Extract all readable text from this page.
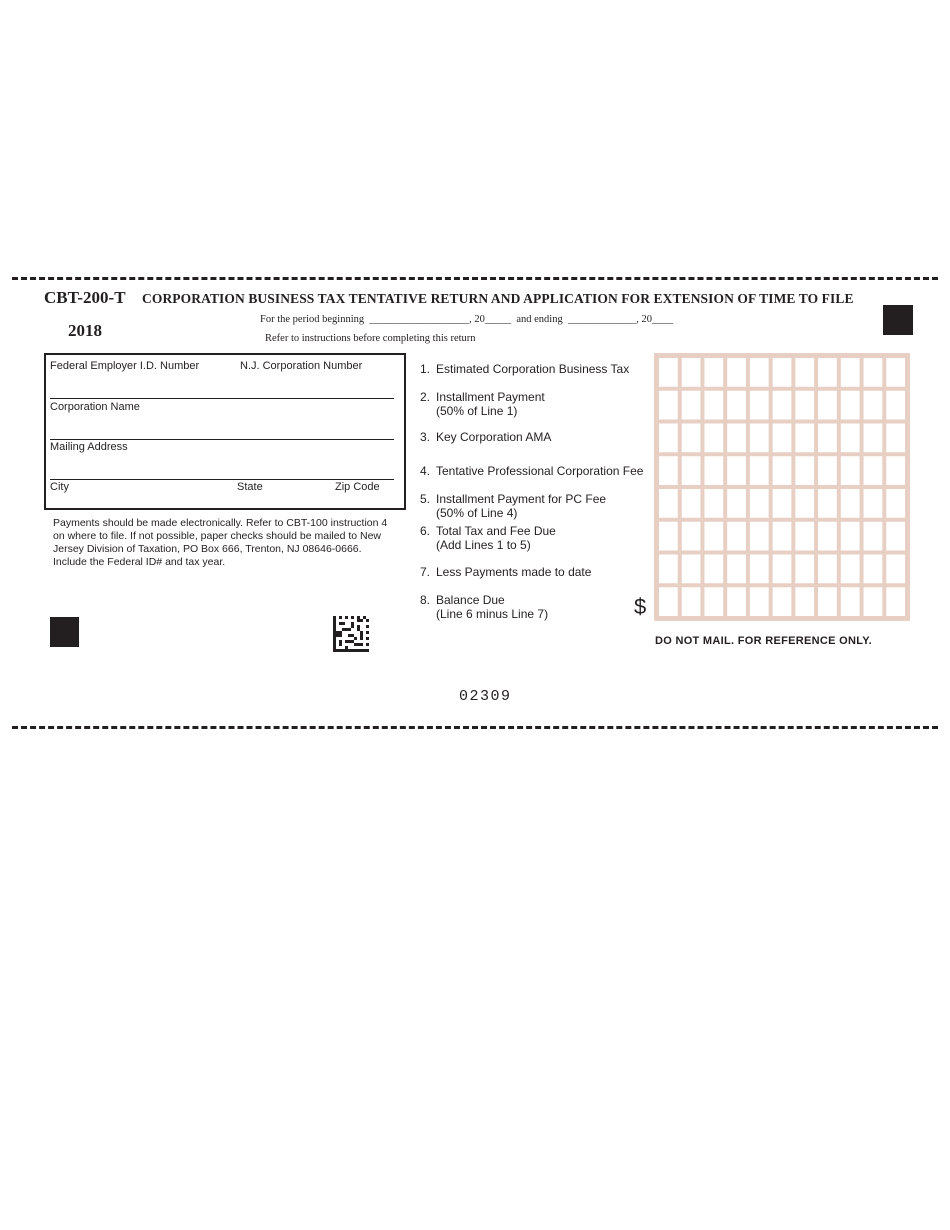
CBT-200-T CORPORATION BUSINESS TAX TENTATIVE RETURN AND APPLICATION FOR EXTENSION OF TIME TO FILE
2018
For the period beginning  ___________________, 20_____  and ending  _____________, 20____
Refer to instructions before completing this return
Federal Employer I.D. Number	N.J. Corporation Number
Corporation Name
Mailing Address
City	State	Zip Code
Payments should be made electronically. Refer to CBT-100 instruction 4 on where to file. If not possible, paper checks should be mailed to New Jersey Division of Taxation, PO Box 666, Trenton, NJ 08646-0666. Include the Federal ID# and tax year.
1. Estimated Corporation Business Tax
2. Installment Payment
(50% of Line 1)
3. Key Corporation AMA
4. Tentative Professional Corporation Fee
5. Installment Payment for PC Fee
(50% of Line 4)
6. Total Tax and Fee Due
(Add Lines 1 to 5)
7. Less Payments made to date
8. Balance Due
(Line 6 minus Line 7)	$
DO NOT MAIL. FOR REFERENCE ONLY.
02309
